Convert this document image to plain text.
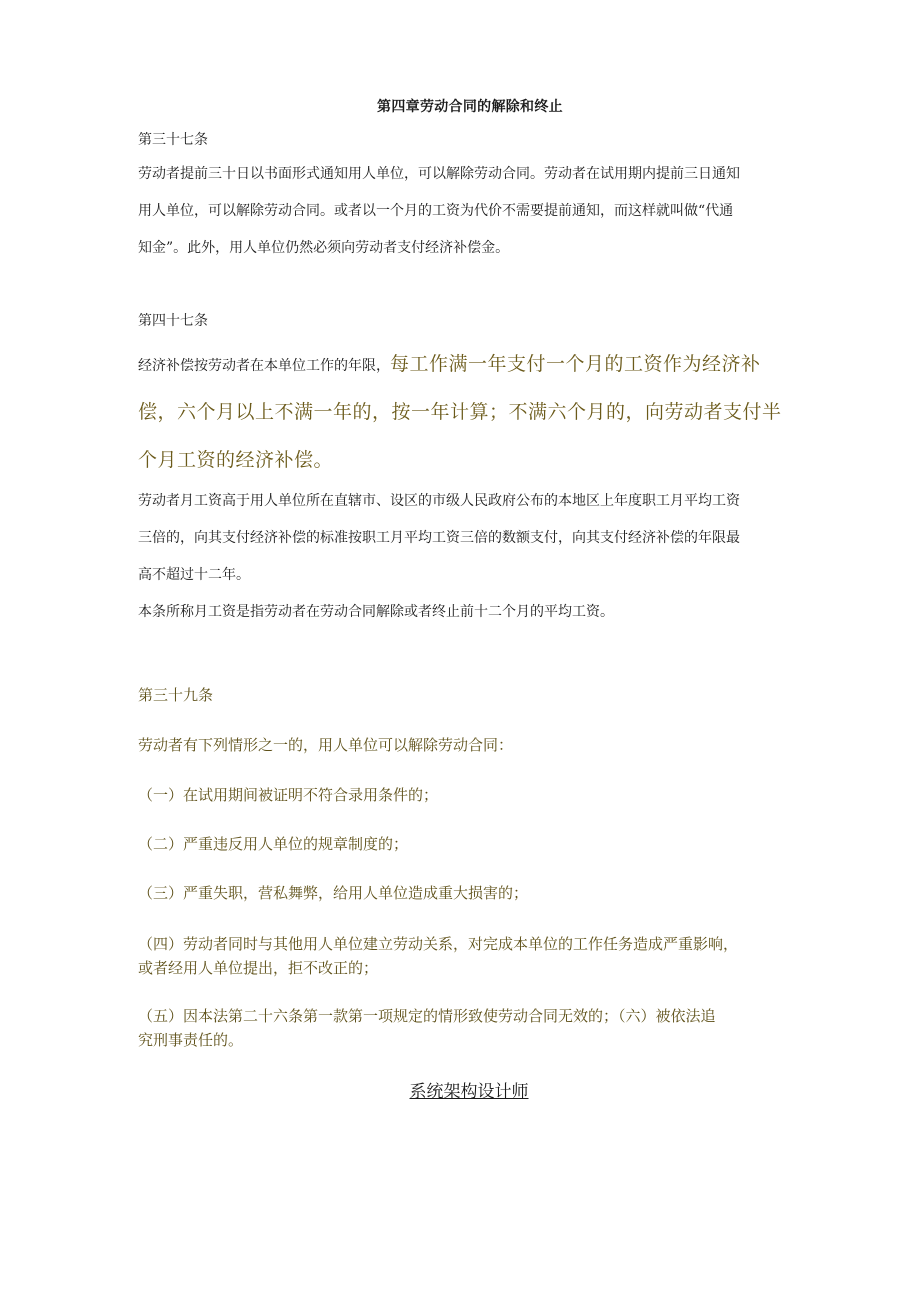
第四章劳动合同的解除和终止
第三十七条
劳动者提前三十日以书面形式通知用人单位，可以解除劳动合同。劳动者在试用期内提前三日通知
用人单位，可以解除劳动合同。或者以一个月的工资为代价不需要提前通知，而这样就叫做“代通
知金”。此外，用人单位仍然必须向劳动者支付经济补偿金。
第四十七条
经济补偿按劳动者在本单位工作的年限，每工作满一年支付一个月的工资作为经济补
偿，六个月以上不满一年的，按一年计算；不满六个月的，向劳动者支付半
个月工资的经济补偿。
劳动者月工资高于用人单位所在直辖市、设区的市级人民政府公布的本地区上年度职工月平均工资
三倍的，向其支付经济补偿的标准按职工月平均工资三倍的数额支付，向其支付经济补偿的年限最
高不超过十二年。
本条所称月工资是指劳动者在劳动合同解除或者终止前十二个月的平均工资。
第三十九条
劳动者有下列情形之一的，用人单位可以解除劳动合同：
（一）在试用期间被证明不符合录用条件的；
（二）严重违反用人单位的规章制度的；
（三）严重失职，营私舞弊，给用人单位造成重大损害的；
（四）劳动者同时与其他用人单位建立劳动关系，对完成本单位的工作任务造成严重影响，
或者经用人单位提出，拒不改正的；
（五）因本法第二十六条第一款第一项规定的情形致使劳动合同无效的；（六）被依法追
究刑事责任的。
系统架构设计师
